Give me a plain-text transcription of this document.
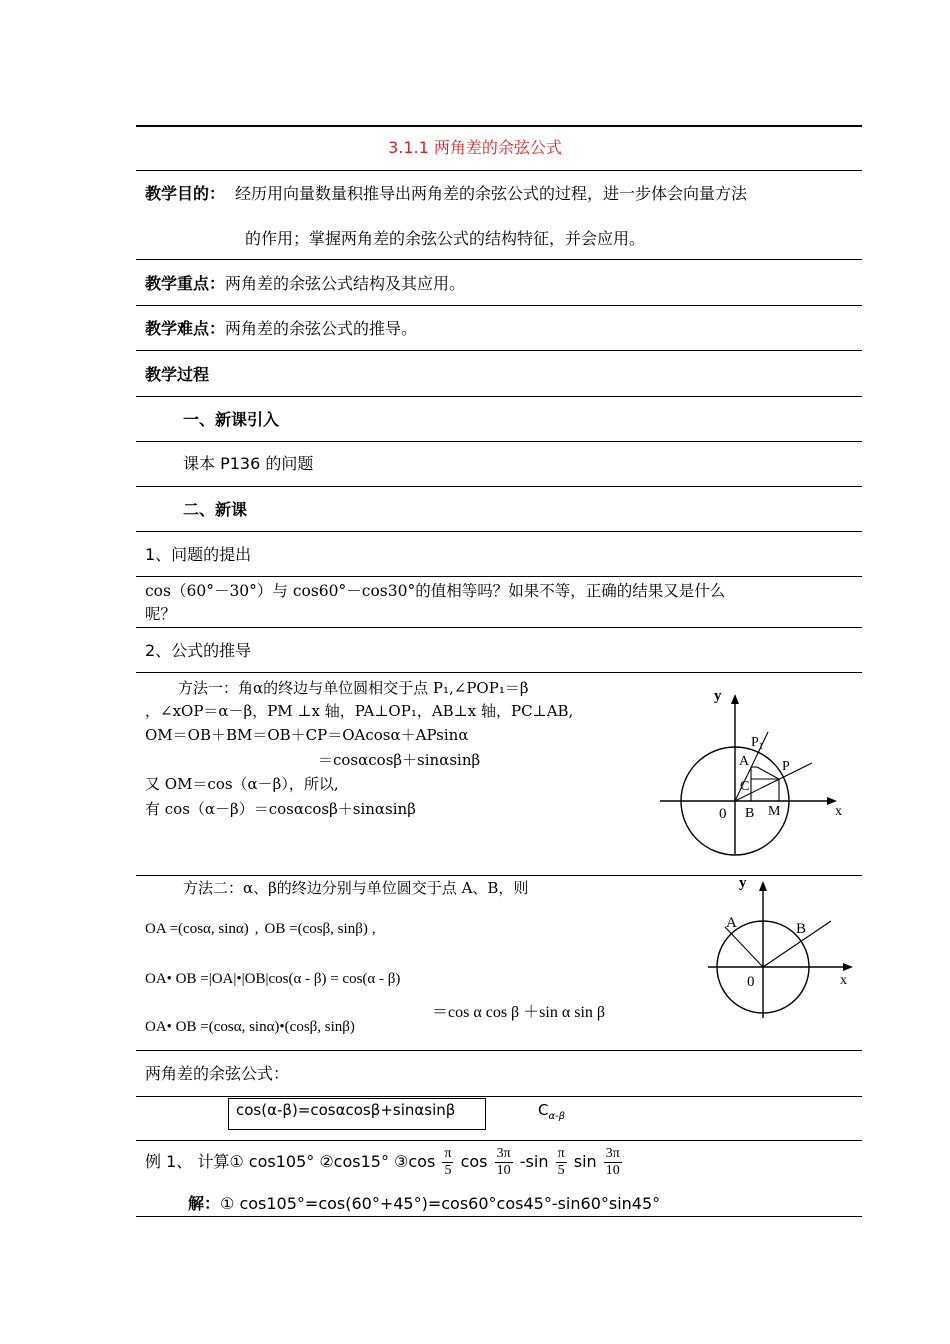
3.1.1 两角差的余弦公式
教学目的： 经历用向量数量积推导出两角差的余弦公式的过程，进一步体会向量方法
的作用；掌握两角差的余弦公式的结构特征，并会应用。
教学重点：两角差的余弦公式结构及其应用。
教学难点：两角差的余弦公式的推导。
教学过程
一、新课引入
课本 P136 的问题
二、新课
1、问题的提出
cos（60°－30°）与 cos60°－cos30°的值相等吗？如果不等，正确的结果又是什么
呢？
2、公式的推导
方法一：角α的终边与单位圆相交于点 P₁,∠POP₁＝β
，∠xOP＝α－β，PM ⊥x 轴，PA⊥OP₁，AB⊥x 轴，PC⊥AB,
OM＝OB＋BM＝OB＋CP＝OAcosα＋APsinα
＝cosαcosβ＋sinαsinβ
又 OM＝cos（α－β），所以,
有 cos（α－β）＝cosαcosβ＋sinαsinβ
y
x
0 B M
A
C
P
$P_1$
方法二：α、β的终边分别与单位圆交于点 A、B，则
OA =(cosα, sinα) , OB =(cosβ, sinβ) ,
OA• OB =|OA|•|OB|cos(α - β) = cos(α - β)
OA• OB =(cosα, sinα)•(cosβ, sinβ)
＝cos α cos β ＋sin α sin β
y
x
0
A	B
两角差的余弦公式：
cos(α-β)=cosαcosβ+sinαsinβ	$C_{\alpha-\beta}$
例 1、 计算① cos105° ②cos15° ③cos $\frac{\pi}{5}$ $\cos \frac{3\pi}{10} -\sin \frac{\pi}{5}$ $\sin \frac{3\pi}{10}$
解：① cos105°=cos(60°+45°)=cos60°cos45°-sin60°sin45°
